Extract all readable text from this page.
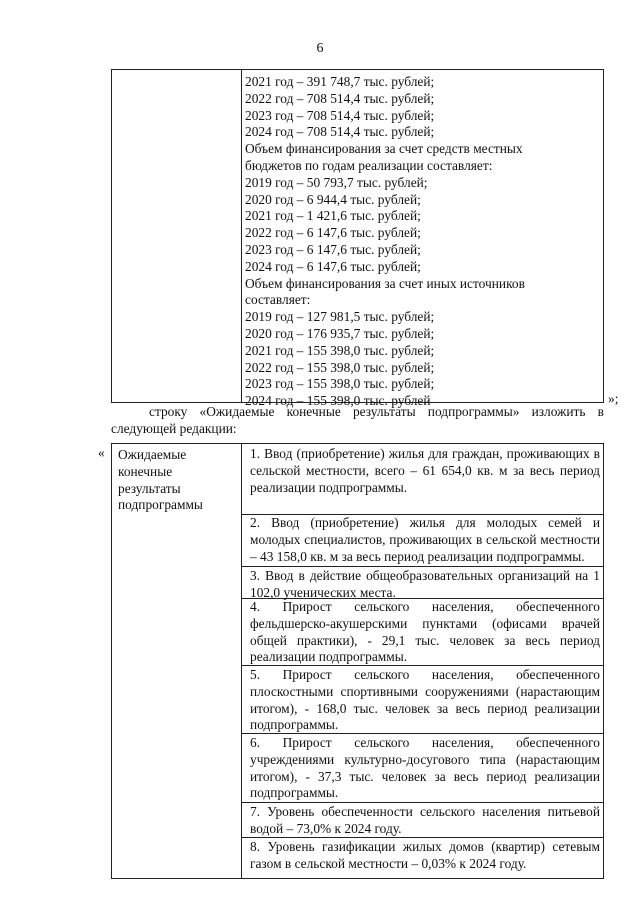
6
2021 год – 391 748,7 тыс. рублей;
2022 год – 708 514,4 тыс. рублей;
2023 год – 708 514,4 тыс. рублей;
2024 год – 708 514,4 тыс. рублей;
Объем финансирования за счет средств местных
бюджетов по годам реализации составляет:
2019 год – 50 793,7 тыс. рублей;
2020 год – 6 944,4 тыс. рублей;
2021 год – 1 421,6 тыс. рублей;
2022 год – 6 147,6 тыс. рублей;
2023 год – 6 147,6 тыс. рублей;
2024 год – 6 147,6 тыс. рублей;
Объем финансирования за счет иных источников
составляет:
2019 год – 127 981,5 тыс. рублей;
2020 год – 176 935,7 тыс. рублей;
2021 год – 155 398,0 тыс. рублей;
2022 год – 155 398,0 тыс. рублей;
2023 год – 155 398,0 тыс. рублей;
2024 год – 155 398,0 тыс. рублей	»;
строку «Ожидаемые конечные результаты подпрограммы» изложить в
следующей редакции:
« Ожидаемые конечные результаты подпрограммы

1. Ввод (приобретение) жилья для граждан, проживающих в сельской местности, всего – 61 654,0 кв. м за весь период реализации подпрограммы.

2. Ввод (приобретение) жилья для молодых семей и молодых специалистов, проживающих в сельской местности – 43 158,0 кв. м за весь период реализации подпрограммы.

3. Ввод в действие общеобразовательных организаций на 1 102,0 ученических места.

4. Прирост сельского населения, обеспеченного фельдшерско-акушерскими пунктами (офисами врачей общей практики), - 29,1 тыс. человек за весь период реализации подпрограммы.

5. Прирост сельского населения, обеспеченного плоскостными спортивными сооружениями (нарастающим итогом), - 168,0 тыс. человек за весь период реализации подпрограммы.

6. Прирост сельского населения, обеспеченного учреждениями культурно-досугового типа (нарастающим итогом), - 37,3 тыс. человек за весь период реализации подпрограммы.

7. Уровень обеспеченности сельского населения питьевой водой – 73,0% к 2024 году.

8. Уровень газификации жилых домов (квартир) сетевым газом в сельской местности – 0,03% к 2024 году.
